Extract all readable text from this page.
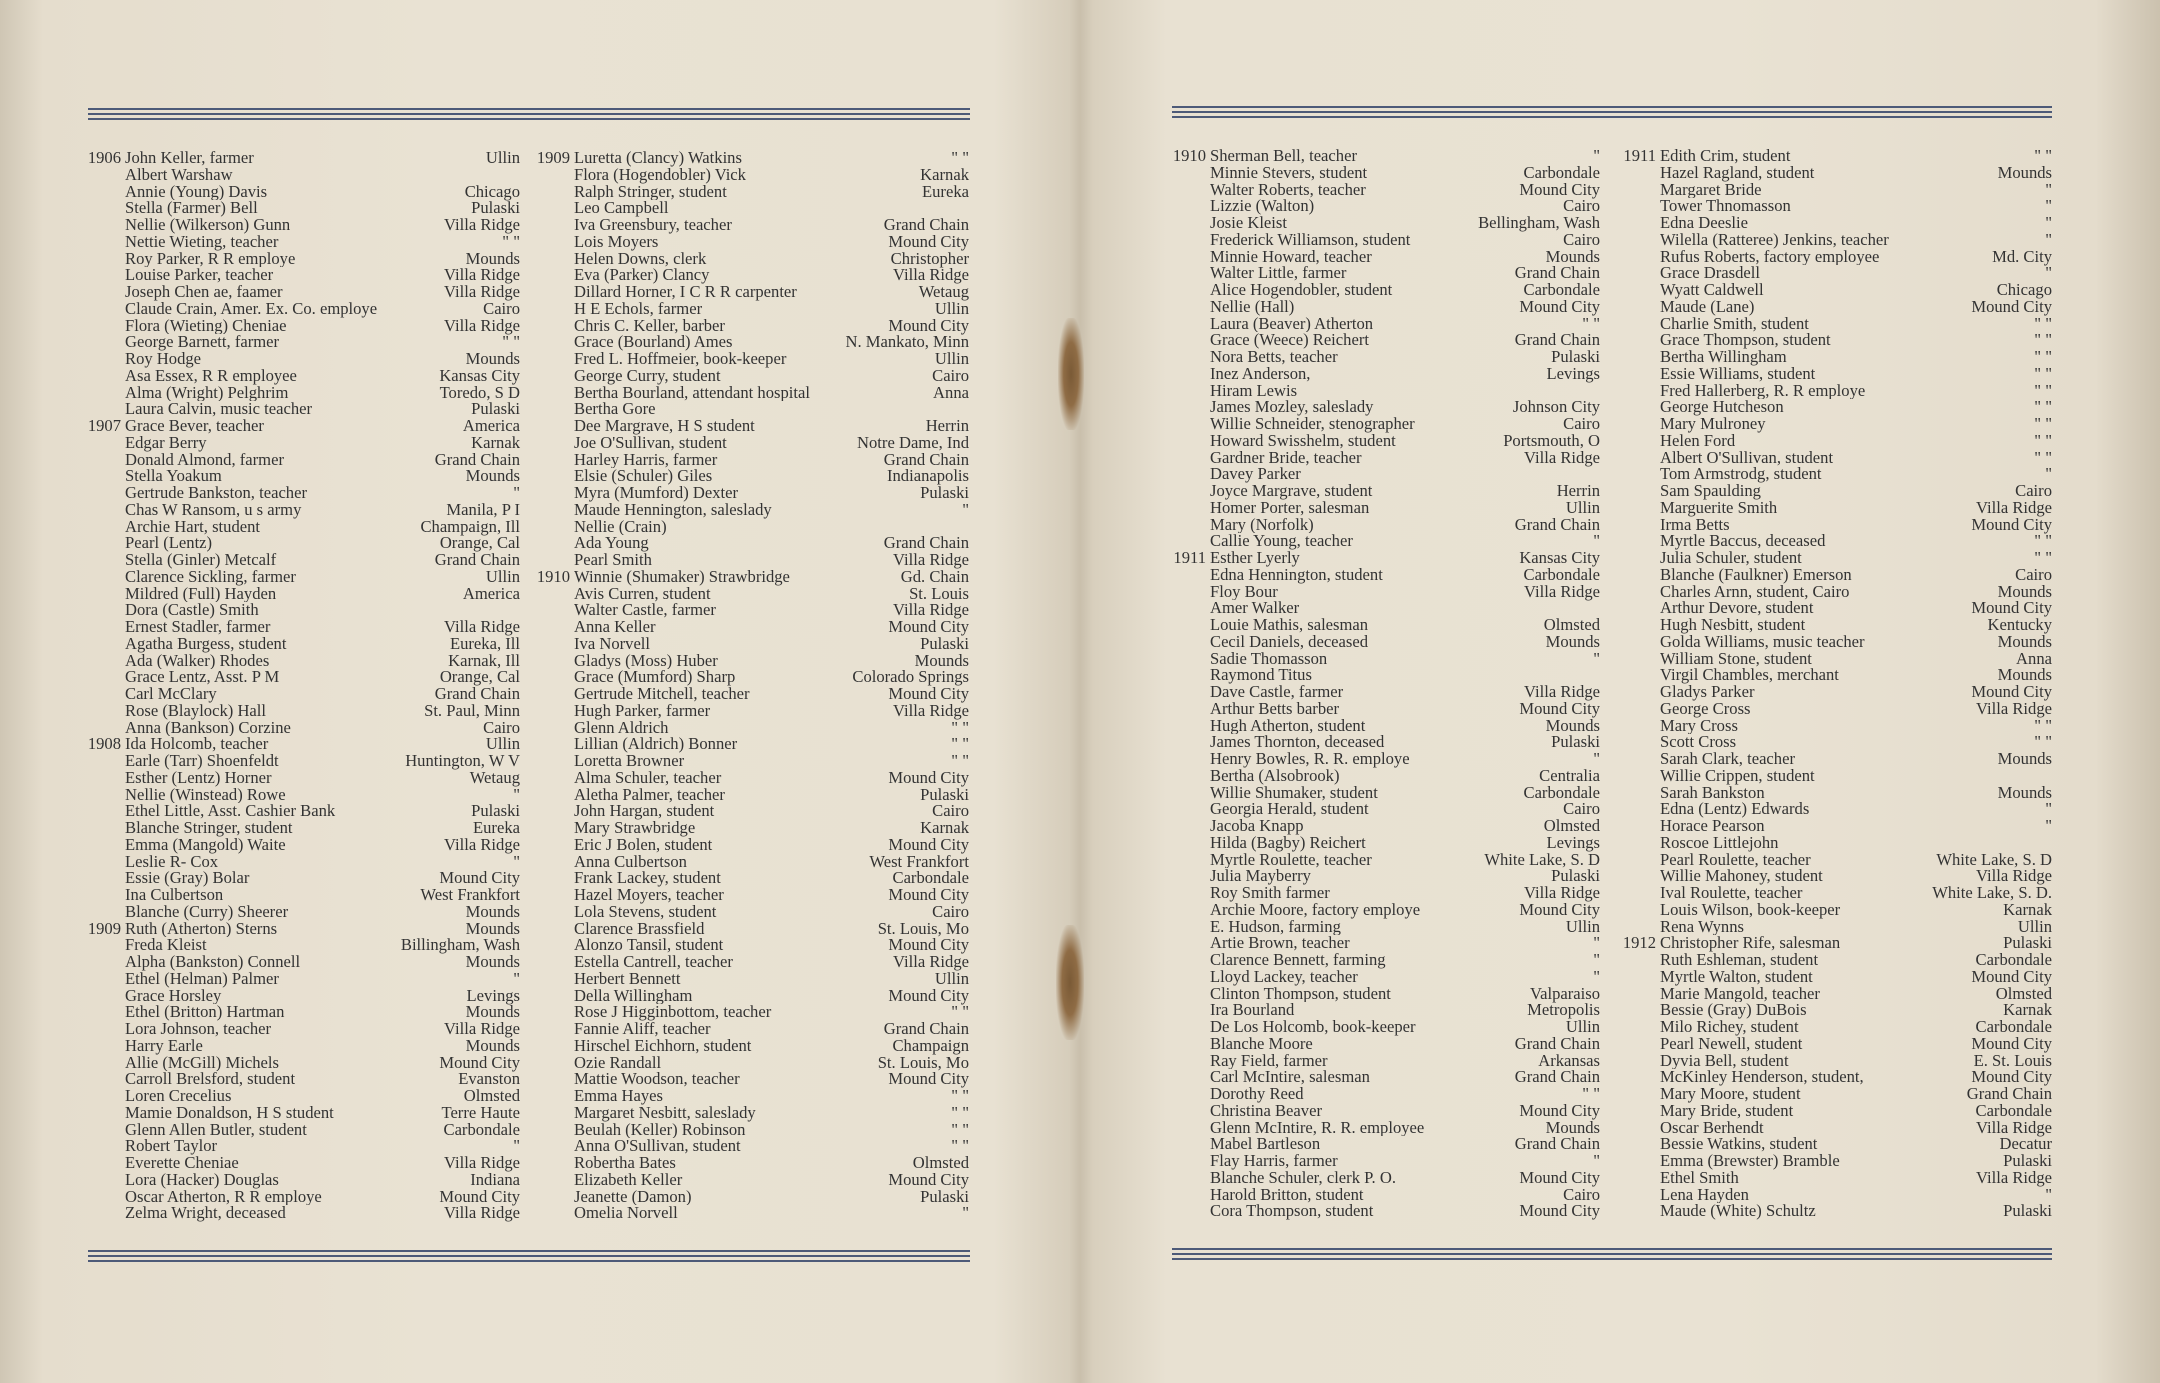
1906 John Keller, farmer	Ullin
Albert Warshaw
Annie (Young) Davis	Chicago
Stella (Farmer) Bell	Pulaski
Nellie (Wilkerson) Gunn	Villa Ridge
Nettie Wieting, teacher	" "
Roy Parker, R R employe	Mounds
Louise Parker, teacher	Villa Ridge
Joseph Chen ae, faamer	Villa Ridge
Claude Crain, Amer. Ex. Co. employe	Cairo
Flora (Wieting) Cheniae	Villa Ridge
George Barnett, farmer	" "
Roy Hodge	Mounds
Asa Essex, R R employee	Kansas City
Alma (Wright) Pelghrim	Toredo, S D
Laura Calvin, music teacher	Pulaski
1907 Grace Bever, teacher	America
Edgar Berry	Karnak
Donald Almond, farmer	Grand Chain
Stella Yoakum	Mounds
Gertrude Bankston, teacher	"
Chas W Ransom, u s army	Manila, P I
Archie Hart, student	Champaign, Ill
Pearl (Lentz)	Orange, Cal
Stella (Ginler) Metcalf	Grand Chain
Clarence Sickling, farmer	Ullin
Mildred (Full) Hayden	America
Dora (Castle) Smith
Ernest Stadler, farmer	Villa Ridge
Agatha Burgess, student	Eureka, Ill
Ada (Walker) Rhodes	Karnak, Ill
Grace Lentz, Asst. P M	Orange, Cal
Carl McClary	Grand Chain
Rose (Blaylock) Hall	St. Paul, Minn
Anna (Bankson) Corzine	Cairo
1908 Ida Holcomb, teacher	Ullin
Earle (Tarr) Shoenfeldt	Huntington, W V
Esther (Lentz) Horner	Wetaug
Nellie (Winstead) Rowe	"
Ethel Little, Asst. Cashier Bank	Pulaski
Blanche Stringer, student	Eureka
Emma (Mangold) Waite	Villa Ridge
Leslie R- Cox	"
Essie (Gray) Bolar	Mound City
Ina Culbertson	West Frankfort
Blanche (Curry) Sheerer	Mounds
1909 Ruth (Atherton) Sterns	Mounds
Freda Kleist	Billingham, Wash
Alpha (Bankston) Connell	Mounds
Ethel (Helman) Palmer	"
Grace Horsley	Levings
Ethel (Britton) Hartman	Mounds
Lora Johnson, teacher	Villa Ridge
Harry Earle	Mounds
Allie (McGill) Michels	Mound City
Carroll Brelsford, student	Evanston
Loren Crecelius	Olmsted
Mamie Donaldson, H S student	Terre Haute
Glenn Allen Butler, student	Carbondale
Robert Taylor	"
Everette Cheniae	Villa Ridge
Lora (Hacker) Douglas	Indiana
Oscar Atherton, R R employe	Mound City
Zelma Wright, deceased	Villa Ridge
1909 Luretta (Clancy) Watkins	" "
Flora (Hogendobler) Vick	Karnak
Ralph Stringer, student	Eureka
Leo Campbell
Iva Greensbury, teacher	Grand Chain
Lois Moyers	Mound City
Helen Downs, clerk	Christopher
Eva (Parker) Clancy	Villa Ridge
Dillard Horner, I C R R carpenter	Wetaug
H E Echols, farmer	Ullin
Chris C. Keller, barber	Mound City
Grace (Bourland) Ames	N. Mankato, Minn
Fred L. Hoffmeier, book-keeper	Ullin
George Curry, student	Cairo
Bertha Bourland, attendant hospital	Anna
Bertha Gore
Dee Margrave, H S student	Herrin
Joe O'Sullivan, student	Notre Dame, Ind
Harley Harris, farmer	Grand Chain
Elsie (Schuler) Giles	Indianapolis
Myra (Mumford) Dexter	Pulaski
Maude Hennington, saleslady	"
Nellie (Crain)
Ada Young	Grand Chain
Pearl Smith	Villa Ridge
1910 Winnie (Shumaker) Strawbridge	Gd. Chain
Avis Curren, student	St. Louis
Walter Castle, farmer	Villa Ridge
Anna Keller	Mound City
Iva Norvell	Pulaski
Gladys (Moss) Huber	Mounds
Grace (Mumford) Sharp	Colorado Springs
Gertrude Mitchell, teacher	Mound City
Hugh Parker, farmer	Villa Ridge
Glenn Aldrich	" "
Lillian (Aldrich) Bonner	" "
Loretta Browner	" "
Alma Schuler, teacher	Mound City
Aletha Palmer, teacher	Pulaski
John Hargan, student	Cairo
Mary Strawbridge	Karnak
Eric J Bolen, student	Mound City
Anna Culbertson	West Frankfort
Frank Lackey, student	Carbondale
Hazel Moyers, teacher	Mound City
Lola Stevens, student	Cairo
Clarence Brassfield	St. Louis, Mo
Alonzo Tansil, student	Mound City
Estella Cantrell, teacher	Villa Ridge
Herbert Bennett	Ullin
Della Willingham	Mound City
Rose J Higginbottom, teacher	" "
Fannie Aliff, teacher	Grand Chain
Hirschel Eichhorn, student	Champaign
Ozie Randall	St. Louis, Mo
Mattie Woodson, teacher	Mound City
Emma Hayes	" "
Margaret Nesbitt, saleslady	" "
Beulah (Keller) Robinson	" "
Anna O'Sullivan, student	" "
Robertha Bates	Olmsted
Elizabeth Keller	Mound City
Jeanette (Damon)	Pulaski
Omelia Norvell	"
1910 Sherman Bell, teacher	"
Minnie Stevers, student	Carbondale
Walter Roberts, teacher	Mound City
Lizzie (Walton)	Cairo
Josie Kleist	Bellingham, Wash
Frederick Williamson, student	Cairo
Minnie Howard, teacher	Mounds
Walter Little, farmer	Grand Chain
Alice Hogendobler, student	Carbondale
Nellie (Hall)	Mound City
Laura (Beaver) Atherton	" "
Grace (Weece) Reichert	Grand Chain
Nora Betts, teacher	Pulaski
Inez Anderson,	Levings
Hiram Lewis
James Mozley, saleslady	Johnson City
Willie Schneider, stenographer	Cairo
Howard Swisshelm, student	Portsmouth, O
Gardner Bride, teacher	Villa Ridge
Davey Parker
Joyce Margrave, student	Herrin
Homer Porter, salesman	Ullin
Mary (Norfolk)	Grand Chain
Callie Young, teacher	"
1911 Esther Lyerly	Kansas City
Edna Hennington, student	Carbondale
Floy Bour	Villa Ridge
Amer Walker
Louie Mathis, salesman	Olmsted
Cecil Daniels, deceased	Mounds
Sadie Thomasson	"
Raymond Titus
Dave Castle, farmer	Villa Ridge
Arthur Betts barber	Mound City
Hugh Atherton, student	Mounds
James Thornton, deceased	Pulaski
Henry Bowles, R. R. employe	"
Bertha (Alsobrook)	Centralia
Willie Shumaker, student	Carbondale
Georgia Herald, student	Cairo
Jacoba Knapp	Olmsted
Hilda (Bagby) Reichert	Levings
Myrtle Roulette, teacher	White Lake, S. D
Julia Mayberry	Pulaski
Roy Smith farmer	Villa Ridge
Archie Moore, factory employe	Mound City
E. Hudson, farming	Ullin
Artie Brown, teacher	"
Clarence Bennett, farming	"
Lloyd Lackey, teacher	"
Clinton Thompson, student	Valparaiso
Ira Bourland	Metropolis
De Los Holcomb, book-keeper	Ullin
Blanche Moore	Grand Chain
Ray Field, farmer	Arkansas
Carl McIntire, salesman	Grand Chain
Dorothy Reed	" "
Christina Beaver	Mound City
Glenn McIntire, R. R. employee	Mounds
Mabel Bartleson	Grand Chain
Flay Harris, farmer	"
Blanche Schuler, clerk P. O.	Mound City
Harold Britton, student	Cairo
Cora Thompson, student	Mound City
1911 Edith Crim, student	" "
Hazel Ragland, student	Mounds
Margaret Bride	"
Tower Thnomasson	"
Edna Deeslie	"
Wilella (Ratteree) Jenkins, teacher	"
Rufus Roberts, factory employee	Md. City
Grace Drasdell	"
Wyatt Caldwell	Chicago
Maude (Lane)	Mound City
Charlie Smith, student	" "
Grace Thompson, student	" "
Bertha Willingham	" "
Essie Williams, student	" "
Fred Hallerberg, R. R employe	" "
George Hutcheson	" "
Mary Mulroney	" "
Helen Ford	" "
Albert O'Sullivan, student	" "
Tom Armstrodg, student	"
Sam Spaulding	Cairo
Marguerite Smith	Villa Ridge
Irma Betts	Mound City
Myrtle Baccus, deceased	" "
Julia Schuler, student	" "
Blanche (Faulkner) Emerson	Cairo
Charles Arnn, student, Cairo	Mounds
Arthur Devore, student	Mound City
Hugh Nesbitt, student	Kentucky
Golda Williams, music teacher	Mounds
William Stone, student	Anna
Virgil Chambles, merchant	Mounds
Gladys Parker	Mound City
George Cross	Villa Ridge
Mary Cross	" "
Scott Cross	" "
Sarah Clark, teacher	Mounds
Willie Crippen, student
Sarah Bankston	Mounds
Edna (Lentz) Edwards	"
Horace Pearson	"
Roscoe Littlejohn
Pearl Roulette, teacher	White Lake, S. D
Willie Mahoney, student	Villa Ridge
Ival Roulette, teacher	White Lake, S. D.
Louis Wilson, book-keeper	Karnak
Rena Wynns	Ullin
1912 Christopher Rife, salesman	Pulaski
Ruth Eshleman, student	Carbondale
Myrtle Walton, student	Mound City
Marie Mangold, teacher	Olmsted
Bessie (Gray) DuBois	Karnak
Milo Richey, student	Carbondale
Pearl Newell, student	Mound City
Dyvia Bell, student	E. St. Louis
McKinley Henderson, student,	Mound City
Mary Moore, student	Grand Chain
Mary Bride, student	Carbondale
Oscar Berhendt	Villa Ridge
Bessie Watkins, student	Decatur
Emma (Brewster) Bramble	Pulaski
Ethel Smith	Villa Ridge
Lena Hayden	"
Maude (White) Schultz	Pulaski
